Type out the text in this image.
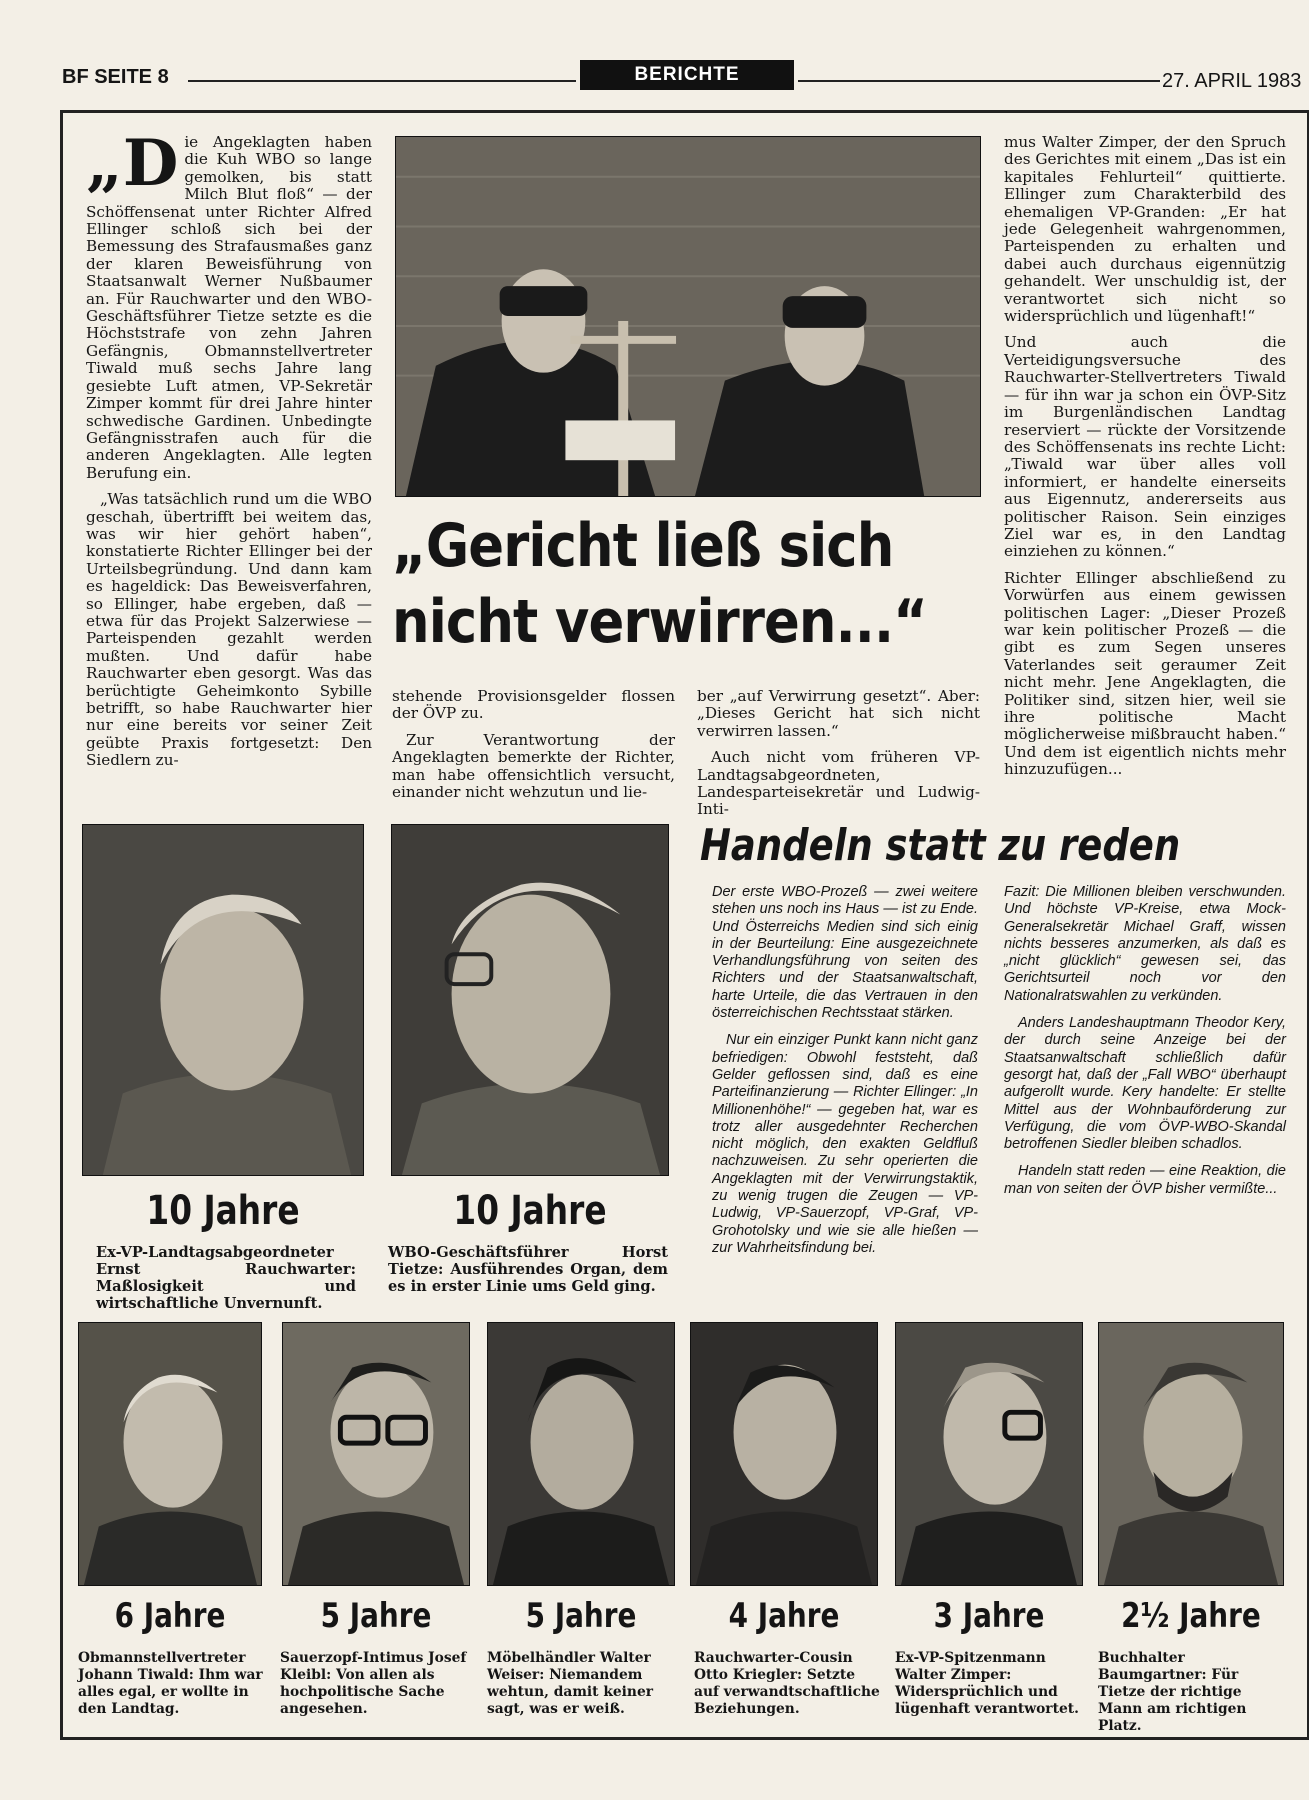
BF SEITE 8	BERICHTE	27. APRIL 1983

„Die Angeklagten haben die Kuh WBO so lange gemolken, bis statt Milch Blut floß“ — der Schöffensenat unter Richter Alfred Ellinger schloß sich bei der Bemessung des Strafausmaßes ganz der klaren Beweisführung von Staatsanwalt Werner Nußbaumer an. Für Rauchwarter und den WBO-Geschäftsführer Tietze setzte es die Höchststrafe von zehn Jahren Gefängnis, Obmannstellvertreter Tiwald muß sechs Jahre lang gesiebte Luft atmen, VP-Sekretär Zimper kommt für drei Jahre hinter schwedische Gardinen. Unbedingte Gefängnisstrafen auch für die anderen Angeklagten. Alle legten Berufung ein.

„Was tatsächlich rund um die WBO geschah, übertrifft bei weitem das, was wir hier gehört haben“, konstatierte Richter Ellinger bei der Urteilsbegründung. Und dann kam es hageldick: Das Beweisverfahren, so Ellinger, habe ergeben, daß — etwa für das Projekt Salzerwiese — Parteispenden gezahlt werden mußten. Und dafür habe Rauchwarter eben gesorgt. Was das berüchtigte Geheimkonto Sybille betrifft, so habe Rauchwarter hier nur eine bereits vor seiner Zeit geübte Praxis fortgesetzt: Den Siedlern zu-

mus Walter Zimper, der den Spruch des Gerichtes mit einem „Das ist ein kapitales Fehlurteil“ quittierte. Ellinger zum Charakterbild des ehemaligen VP-Granden: „Er hat jede Gelegenheit wahrgenommen, Parteispenden zu erhalten und dabei auch durchaus eigennützig gehandelt. Wer unschuldig ist, der verantwortet sich nicht so widersprüchlich und lügenhaft!“

Und auch die Verteidigungsversuche des Rauchwarter-Stellvertreters Tiwald — für ihn war ja schon ein ÖVP-Sitz im Burgenländischen Landtag reserviert — rückte der Vorsitzende des Schöffensenats ins rechte Licht: „Tiwald war über alles voll informiert, er handelte einerseits aus Eigennutz, andererseits aus politischer Raison. Sein einziges Ziel war es, in den Landtag einziehen zu können.“

Richter Ellinger abschließend zu Vorwürfen aus einem gewissen politischen Lager: „Dieser Prozeß war kein politischer Prozeß — die gibt es zum Segen unseres Vaterlandes seit geraumer Zeit nicht mehr. Jene Angeklagten, die Politiker sind, sitzen hier, weil sie ihre politische Macht möglicherweise mißbraucht haben.“ Und dem ist eigentlich nichts mehr hinzuzufügen...

„Gericht ließ sich
nicht verwirren...“

stehende Provisionsgelder flossen der ÖVP zu.

Zur Verantwortung der Angeklagten bemerkte der Richter, man habe offensichtlich versucht, einander nicht wehzutun und lie-

ber „auf Verwirrung gesetzt“. Aber: „Dieses Gericht hat sich nicht verwirren lassen.“

Auch nicht vom früheren VP-Landtagsabgeordneten, Landesparteisekretär und Ludwig-Inti-

10 Jahre
Ex-VP-Landtagsabgeordneter Ernst Rauchwarter: Maßlosigkeit und wirtschaftliche Unvernunft.
10 Jahre
WBO-Geschäftsführer Horst Tietze: Ausführendes Organ, dem es in erster Linie ums Geld ging.
Handeln statt zu reden

Der erste WBO-Prozeß — zwei weitere stehen uns noch ins Haus — ist zu Ende. Und Österreichs Medien sind sich einig in der Beurteilung: Eine ausgezeichnete Verhandlungsführung von seiten des Richters und der Staatsanwaltschaft, harte Urteile, die das Vertrauen in den österreichischen Rechtsstaat stärken.

Nur ein einziger Punkt kann nicht ganz befriedigen: Obwohl feststeht, daß Gelder geflossen sind, daß es eine Parteifinanzierung — Richter Ellinger: „In Millionenhöhe!“ — gegeben hat, war es trotz aller ausgedehnter Recherchen nicht möglich, den exakten Geldfluß nachzuweisen. Zu sehr operierten die Angeklagten mit der Verwirrungstaktik, zu wenig trugen die Zeugen — VP-Ludwig, VP-Sauerzopf, VP-Graf, VP-Grohotolsky und wie sie alle hießen — zur Wahrheitsfindung bei.

Fazit: Die Millionen bleiben verschwunden. Und höchste VP-Kreise, etwa Mock-Generalsekretär Michael Graff, wissen nichts besseres anzumerken, als daß es „nicht glücklich“ gewesen sei, das Gerichtsurteil noch vor den Nationalratswahlen zu verkünden.

Anders Landeshauptmann Theodor Kery, der durch seine Anzeige bei der Staatsanwaltschaft schließlich dafür gesorgt hat, daß der „Fall WBO“ überhaupt aufgerollt wurde. Kery handelte: Er stellte Mittel aus der Wohnbauförderung zur Verfügung, die vom ÖVP-WBO-Skandal betroffenen Siedler bleiben schadlos.

Handeln statt reden — eine Reaktion, die man von seiten der ÖVP bisher vermißte...

6 Jahre	5 Jahre	5 Jahre	4 Jahre	3 Jahre	2½ Jahre
Obmannstellvertreter Johann Tiwald: Ihm war alles egal, er wollte in den Landtag.
Sauerzopf-Intimus Josef Kleibl: Von allen als hochpolitische Sache angesehen.
Möbelhändler Walter Weiser: Niemandem wehtun, damit keiner sagt, was er weiß.
Rauchwarter-Cousin Otto Kriegler: Setzte auf verwandtschaftliche Beziehungen.
Ex-VP-Spitzenmann Walter Zimper: Widersprüchlich und lügenhaft verantwortet.
Buchhalter Baumgartner: Für Tietze der richtige Mann am richtigen Platz.
